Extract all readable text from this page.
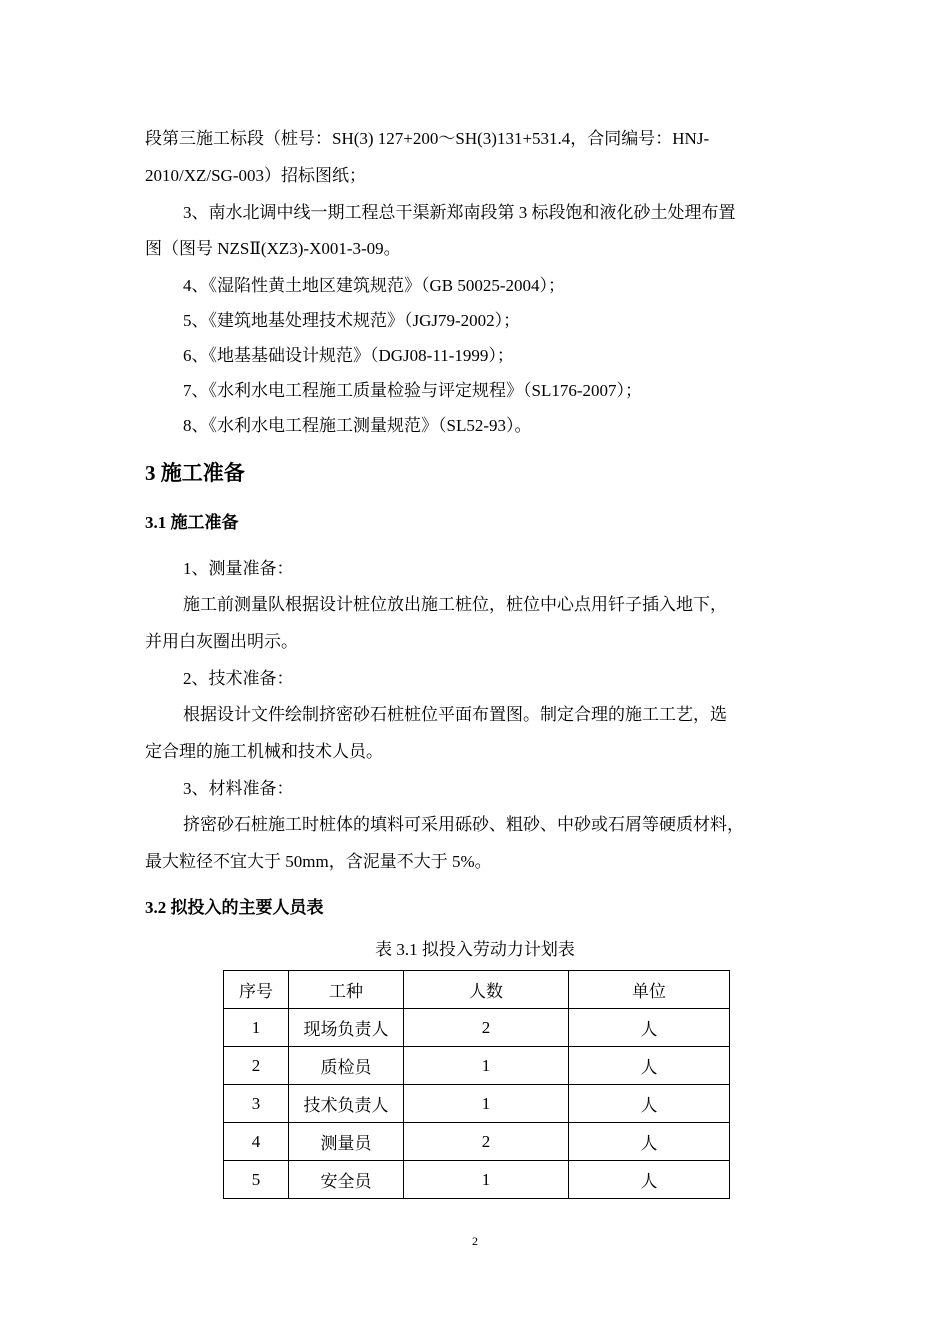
段第三施工标段（桩号：SH(3) 127+200～SH(3)131+531.4，合同编号：HNJ-
2010/XZ/SG-003）招标图纸；
3、南水北调中线一期工程总干渠新郑南段第 3 标段饱和液化砂土处理布置
图（图号 NZSⅡ(XZ3)-X001-3-09。
4、《湿陷性黄土地区建筑规范》（GB 50025-2004）；
5、《建筑地基处理技术规范》（JGJ79-2002）；
6、《地基基础设计规范》（DGJ08-11-1999）；
7、《水利水电工程施工质量检验与评定规程》（SL176-2007）；
8、《水利水电工程施工测量规范》（SL52-93）。
3 施工准备
3.1 施工准备
1、测量准备：
施工前测量队根据设计桩位放出施工桩位，桩位中心点用钎子插入地下，
并用白灰圈出明示。
2、技术准备：
根据设计文件绘制挤密砂石桩桩位平面布置图。制定合理的施工工艺，选
定合理的施工机械和技术人员。
3、材料准备：
挤密砂石桩施工时桩体的填料可采用砾砂、粗砂、中砂或石屑等硬质材料，
最大粒径不宜大于 50mm，含泥量不大于 5%。
3.2 拟投入的主要人员表
表 3.1 拟投入劳动力计划表
序号	工种	人数	单位
1	现场负责人	2	人
2	质检员	1	人
3	技术负责人	1	人
4	测量员	2	人
5	安全员	1	人
2
